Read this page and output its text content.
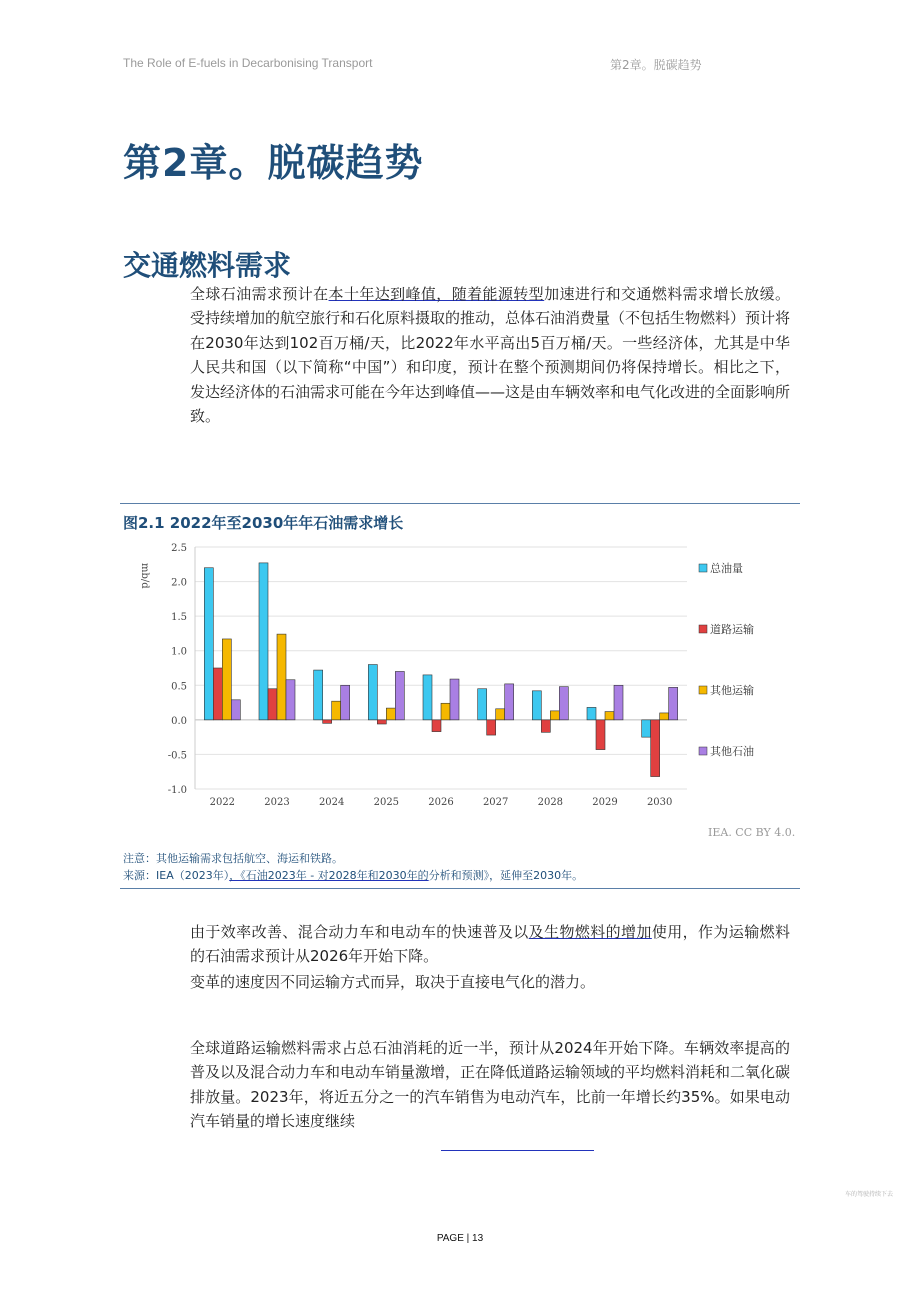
The Role of E-fuels in Decarbonising Transport	第2章。脱碳趋势
第2章。脱碳趋势
交通燃料需求
全球石油需求预计在本十年达到峰值，随着能源转型加速进行和交通燃料需求增长放缓。受持续增加的航空旅行和石化原料摄取的推动，总体石油消费量（不包括生物燃料）预计将在2030年达到102百万桶/天，比2022年水平高出5百万桶/天。一些经济体，尤其是中华人民共和国（以下简称“中国”）和印度，预计在整个预测期间仍将保持增长。相比之下，发达经济体的石油需求可能在今年达到峰值——这是由车辆效率和电气化改进的全面影响所致。
图2.1 2022年至2030年年石油需求增长
2.5
2.0
1.5
1.0
0.5
0.0
-0.5
-1.0
mb/d
2022	2023	2024	2025	2026	2027	2028	2029	2030
总油量
道路运输
其他运输
其他石油
IEA. CC BY 4.0.
注意：其他运输需求包括航空、海运和铁路。
来源：IEA（2023年），《石油2023年 - 对2028年和2030年的分析和预测》，延伸至2030年。
由于效率改善、混合动力车和电动车的快速普及以及生物燃料的增加使用，作为运输燃料的石油需求预计从2026年开始下降。
变革的速度因不同运输方式而异，取决于直接电气化的潜力。
全球道路运输燃料需求占总石油消耗的近一半，预计从2024年开始下降。车辆效率提高的普及以及混合动力车和电动车销量激增，正在降低道路运输领域的平均燃料消耗和二氧化碳排放量。2023年，将近五分之一的汽车销售为电动汽车，比前一年增长约35%。如果电动汽车销量的增长速度继续
车的驾驶持续下去
PAGE | 13
